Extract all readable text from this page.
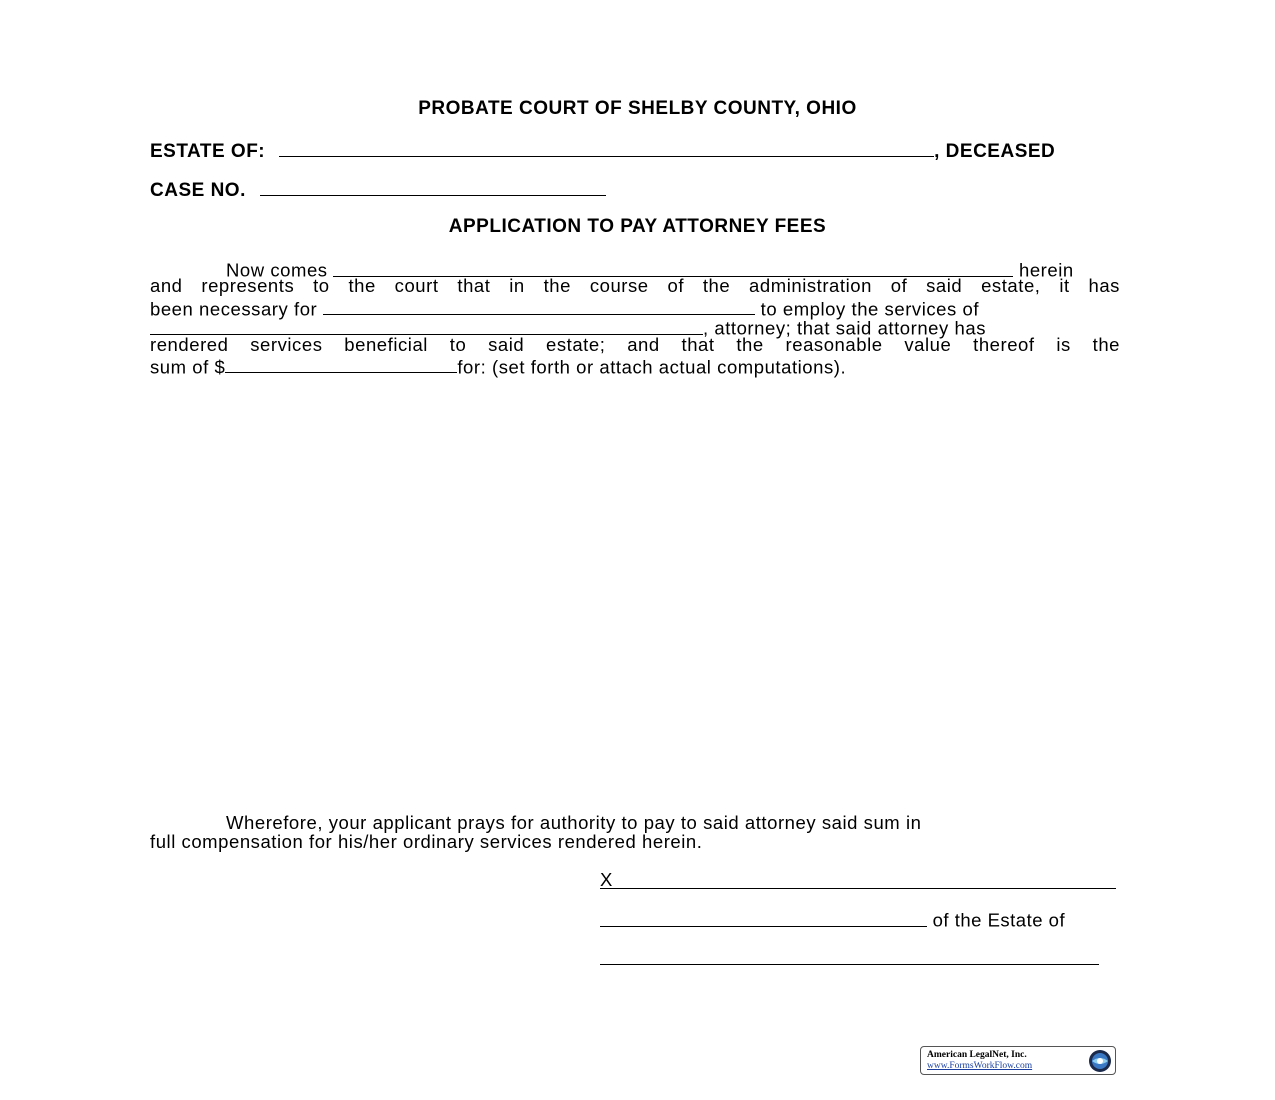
PROBATE COURT OF SHELBY COUNTY, OHIO
ESTATE OF:	, DECEASED
CASE NO.
APPLICATION TO PAY ATTORNEY FEES
Now comes	herein
and represents to the court that in the course of the administration of said estate, it has
been necessary for	to employ the services of
, attorney; that said attorney has
rendered services beneficial to said estate; and that the reasonable value thereof is the
sum of $	for: (set forth or attach actual computations).
Wherefore, your applicant prays for authority to pay to said attorney said sum in
full compensation for his/her ordinary services rendered herein.
X
of the Estate of
American LegalNet, Inc.
www.FormsWorkFlow.com
